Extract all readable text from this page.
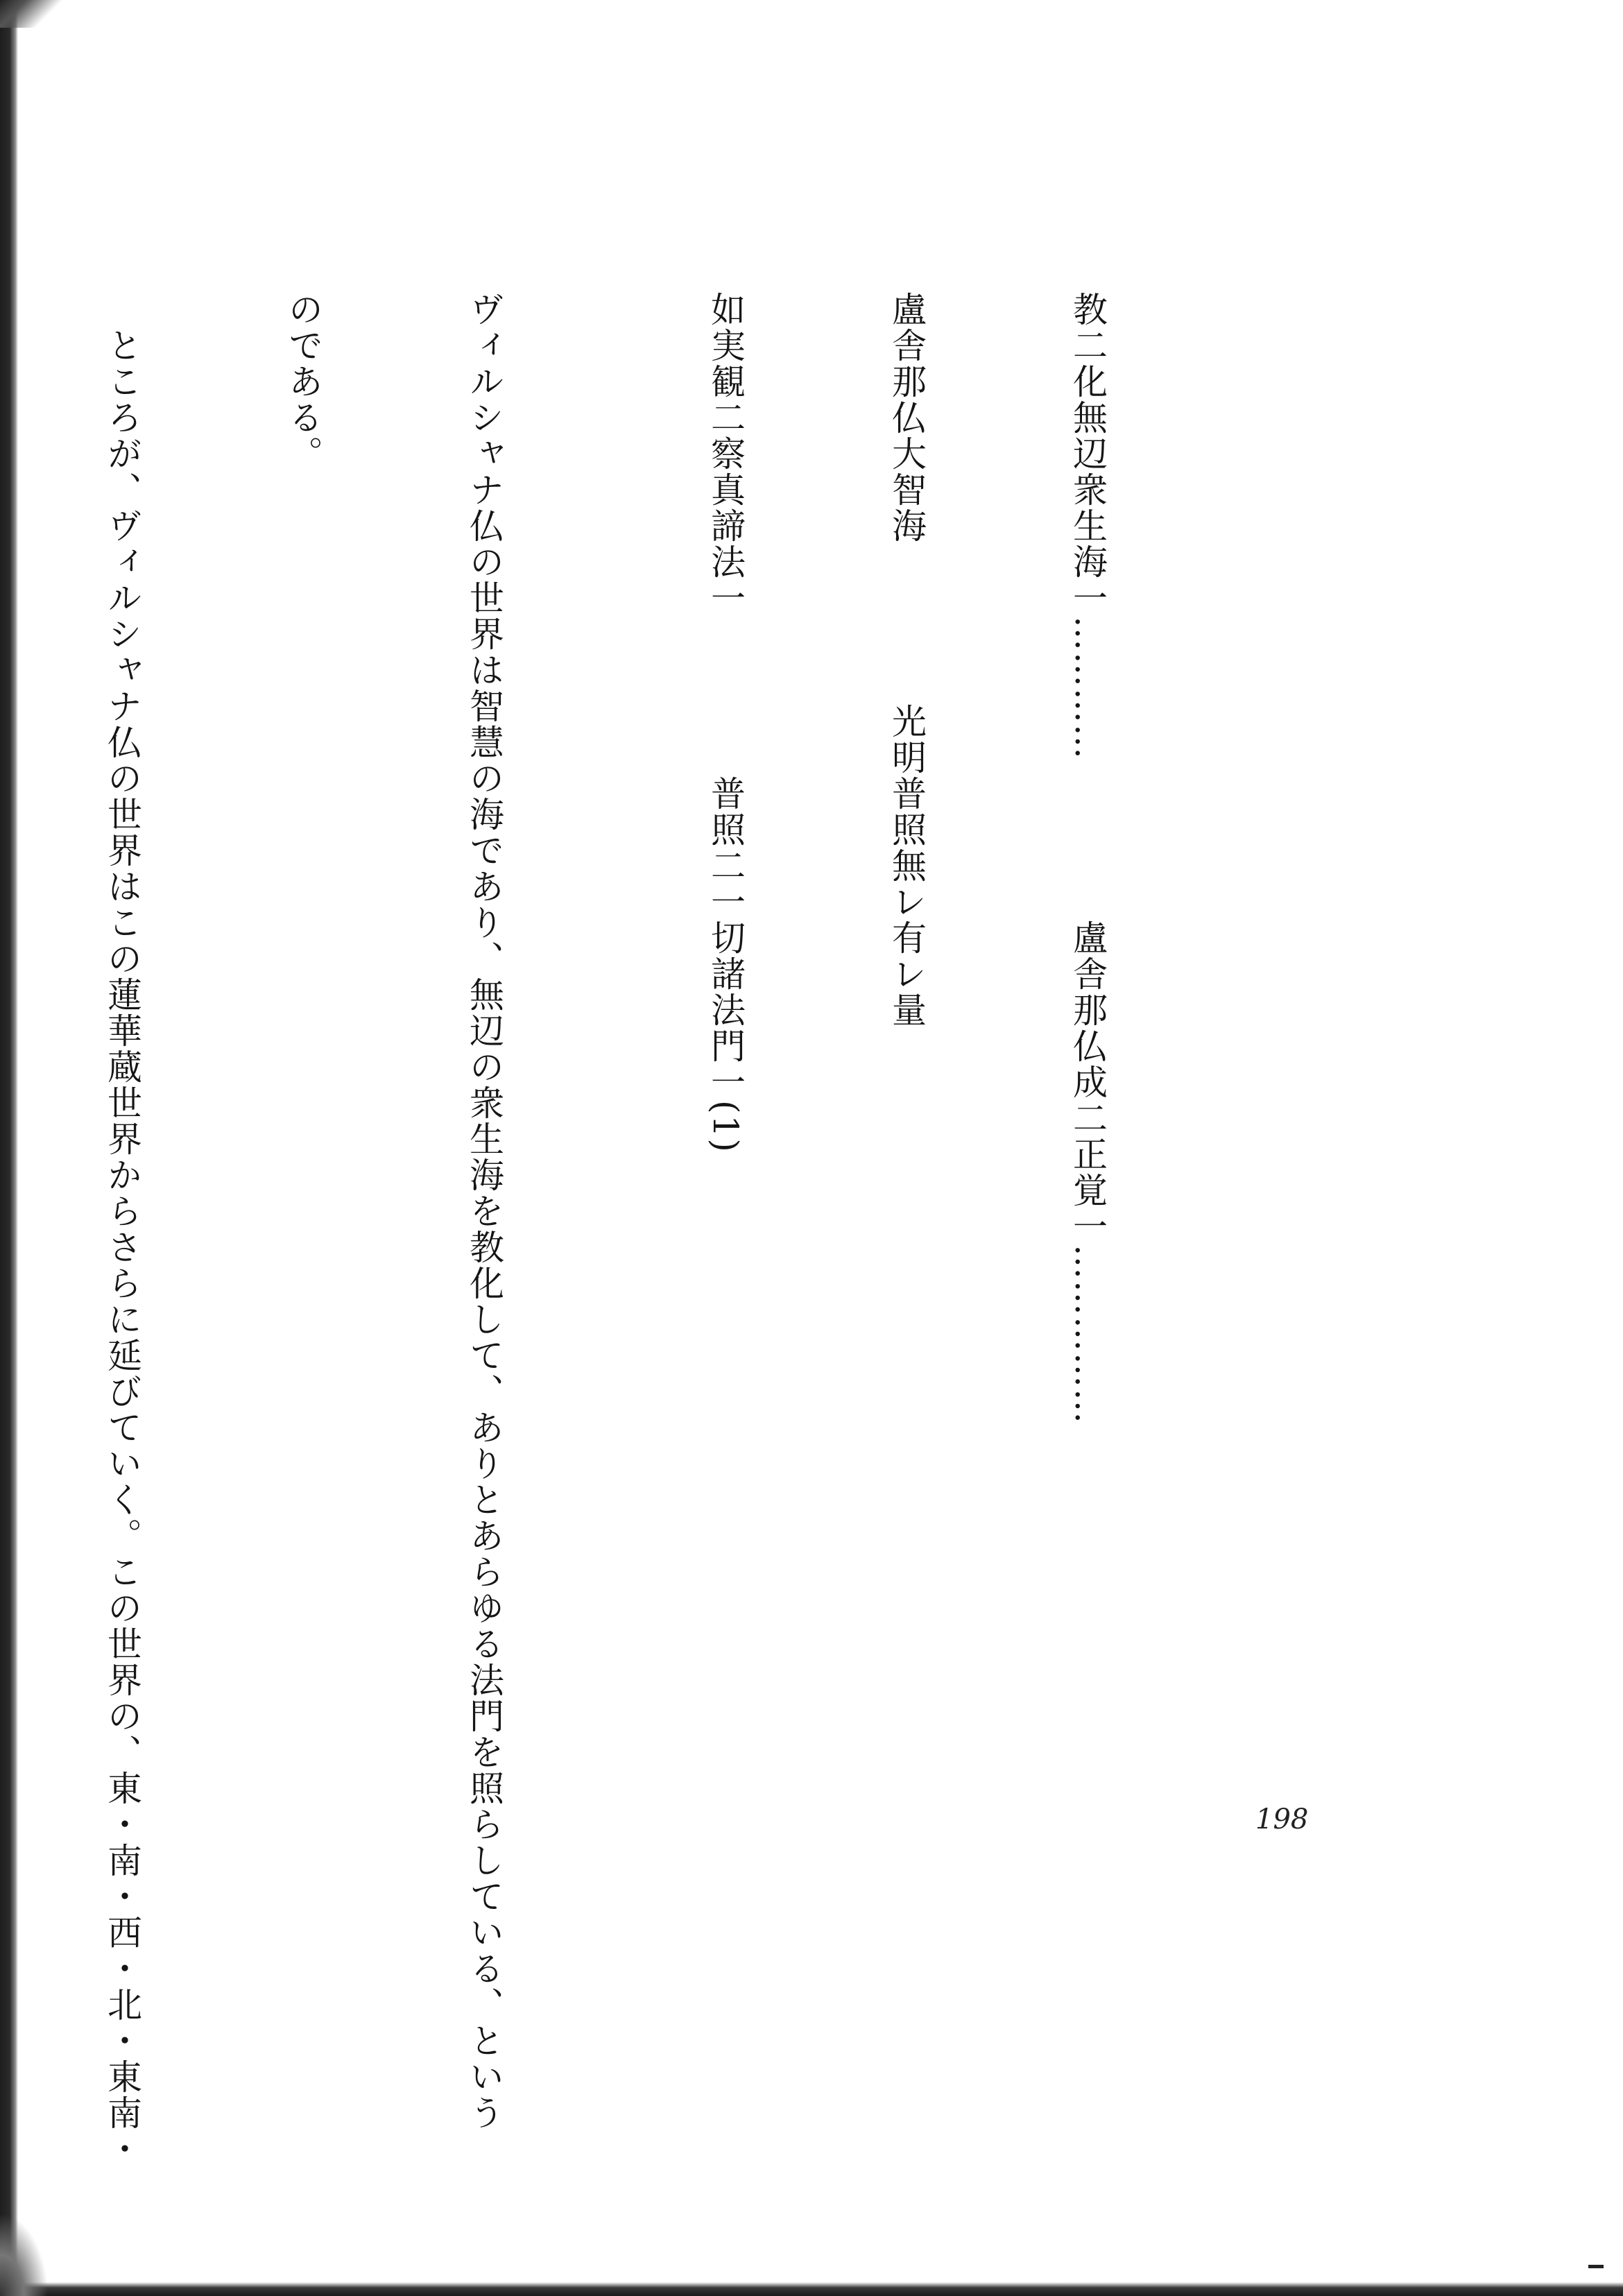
教二化無辺衆生海一…………盧舎那仏成二正覚一……………

盧舎那仏大智海光明普照無レ有レ量

如実観二察真諦法一普照二一切諸法門一(1)

ヴィルシャナ仏の世界は智慧の海であり、無辺の衆生海を教化して、ありとあらゆる法門を照らしている、という

のである。

　ところが、ヴィルシャナ仏の世界はこの蓮華蔵世界からさらに延びていく。この世界の、東・南・西・北・東南・

	198
